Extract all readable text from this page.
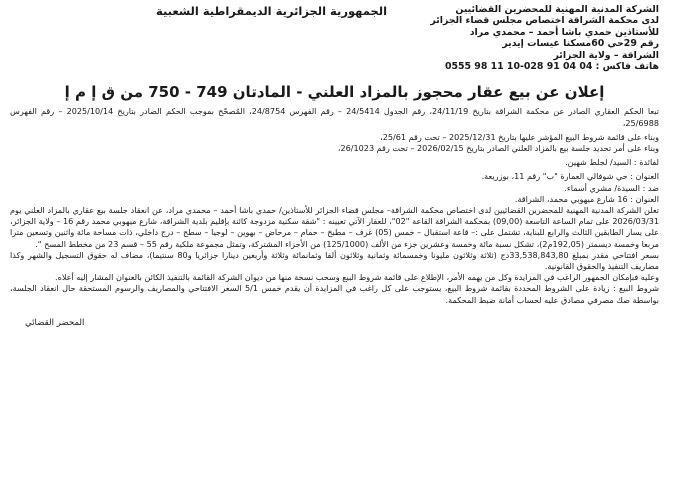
الشركة المدنية المهنية للمحضرين القضائيين
لدى محكمة الشراقة اختصاص مجلس قضاء الجزائر
للأستاذين حمدي باشا أحمد – محمدي مراد
رقم 29حي 60مسكنا عيسات إيدير
الشراقة – ولاية الجزائر
هاتف فاكس : 04 04 91 028-10 11 98 0555
الجمهورية الجزائرية الديمقراطية الشعبية
إعلان عن بيع عقار محجوز بالمزاد العلني - المادتان 749 - 750 من ق إ م إ

تبعا الحكم العقاري الصادر عن محكمة الشراقة بتاريخ 24/11/19، رقم الجدول 24/5414 – رقم الفهرس 24/8754، المُصحّح بموجب الحكم الصادر بتاريخ 2025/10/14 – رقم الفهرس 25/6988،

وبناء على قائمة شروط البيع المؤشر عليها بتاريخ 2025/12/31 – تحت رقم 25/61،

وبناء على أمر تحديد جلسة بيع بالمزاد العلني الصادر بتاريخ 2026/02/15 – تحت رقم 26/1023،

لفائدة : السيد/ لجلط شهين.

العنوان : حي شوفالي العمارة "ب" رقم 11، بوزريعة.

ضد : السيدة/ مشري أسماء.

العنوان : 16 شارع ميهوبي محمد، الشراقة.

تعلن الشركة المدنية المهنية للمحضرين القضائيين لدى اختصاص محكمة الشراقة– مجلس قضاء الجزائر للأستاذين/ حمدي باشا أحمد – محمدي مراد، عن انعقاد جلسة بيع عقاري بالمزاد العلني يوم 2026/03/31 على تمام الساعة التاسعة (09,00) بمحكمة الشراقة القاعة "02"، للعقار الآتي تعيينه : "شقة سكنية مزدوجة كائنة بإقليم بلدية الشراقة، شارع ميهوبي محمد رقم 16 – ولاية الجزائر، على يسار الطابقين الثالث والرابع للبناية، تشتمل على :– قاعة استقبال – خمس (05) غرف – مطبخ – حمام – مرحاض – بهوين – لوجيا – سطح – درج داخلي، ذات مساحة مائة واثنين وتسعين مترا مربعا وخمسة ديسمتر (192,05م2)، تشكل نسبة مائة وخمسة وعشرين جزء من الألف (125/1000) من الأجزاء المشتركة، وتمثل مجموعة ملكية رقم 55 – قسم 23 من مخطط المسح ".

بسعر افتتاحي مقدر بمبلغ 33,538,843,80دج (ثلاثة وثلاثون مليونا وخمسمائة وثمانية وثلاثون ألفا وثمانمائة وثلاثة وأربعين دينارا جزائريا و80 سنتيما)، مضاف له حقوق التسجيل والشهر وكذا مصاريف التنفيذ والحقوق القانونية.

وعليه فبإمكان الجمهور الراغب في المزايدة وكل من يهمه الأمر، الإطلاع على قائمة شروط البيع وسحب نسخة منها من ديوان الشركة القائمة بالتنفيذ الكائن بالعنوان المشار إليه أعلاه.

شروط البيع : زيادة على الشروط المحددة بقائمة شروط البيع، يستوجب على كل راغب في المزايدة أن يقدم خمس 5/1 السعر الافتتاحي والمصاريف والرسوم المستحقة حال انعقاد الجلسة، بواسطة صك مصرفي مصادق عليه لحساب أمانة ضبط المحكمة.

المحضر القضائي
